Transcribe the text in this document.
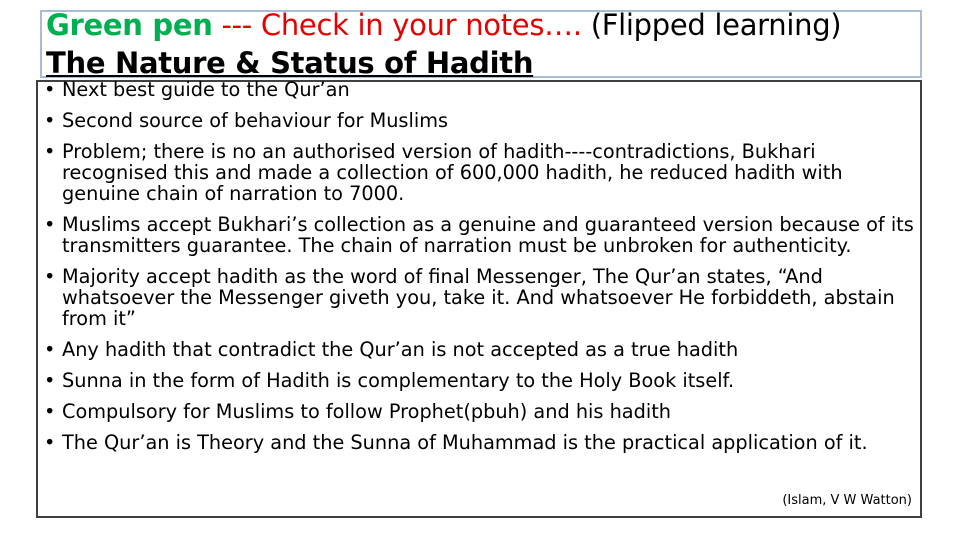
Green pen --- Check in your notes…. (Flipped learning)
The Nature & Status of Hadith
• Next best guide to the Qur’an
• Second source of behaviour for Muslims
• Problem; there is no an authorised version of hadith----contradictions, Bukhari recognised this and made a collection of 600,000 hadith, he reduced hadith with genuine chain of narration to 7000.
• Muslims accept Bukhari’s collection as a genuine and guaranteed version because of its transmitters guarantee. The chain of narration must be unbroken for authenticity.
• Majority accept hadith as the word of final Messenger, The Qur’an states, “And whatsoever the Messenger giveth you, take it. And whatsoever He forbiddeth, abstain from it”
• Any hadith that contradict the Qur’an is not accepted as a true hadith
• Sunna in the form of Hadith is complementary to the Holy Book itself.
• Compulsory for Muslims to follow Prophet(pbuh) and his hadith
• The Qur’an is Theory and the Sunna of Muhammad is the practical application of it.
(Islam, V W Watton)
